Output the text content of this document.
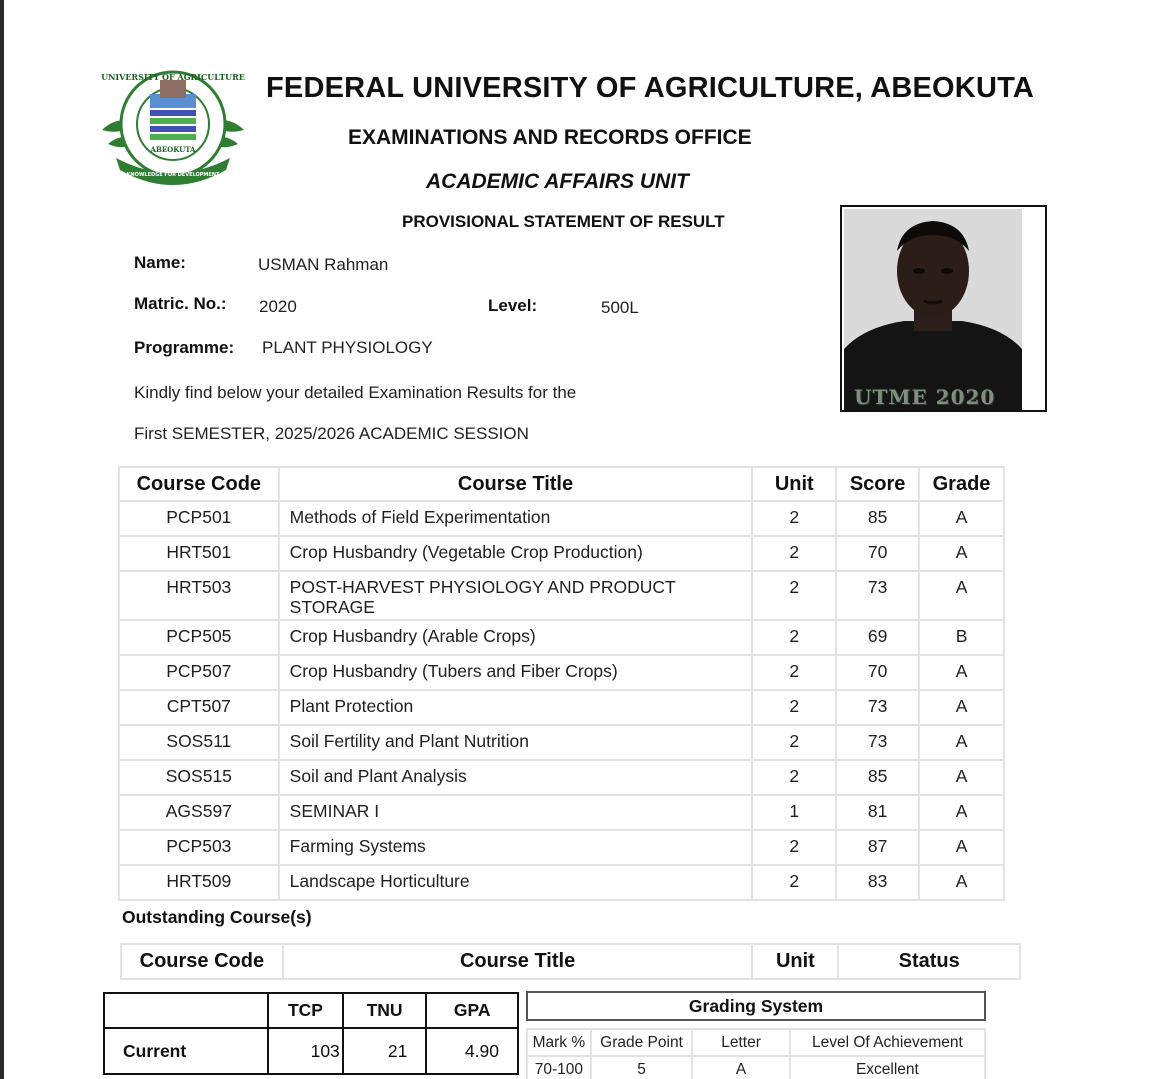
UNIVERSITY OF AGRICULTURE
ABEOKUTA
KNOWLEDGE FOR DEVELOPMENT
FEDERAL UNIVERSITY OF AGRICULTURE, ABEOKUTA
EXAMINATIONS AND RECORDS OFFICE
ACADEMIC AFFAIRS UNIT
PROVISIONAL STATEMENT OF RESULT
UTME 2020
Name:	USMAN Rahman
Matric. No.: 2020	Level:	500L
Programme: PLANT PHYSIOLOGY
Kindly find below your detailed Examination Results for the
First SEMESTER, 2025/2026 ACADEMIC SESSION
Course Code	Course Title	Unit	Score	Grade
PCP501	Methods of Field Experimentation	2	85	A
HRT501	Crop Husbandry (Vegetable Crop Production)	2	70	A
HRT503	POST-HARVEST PHYSIOLOGY AND PRODUCT STORAGE	2	73	A
PCP505	Crop Husbandry (Arable Crops)	2	69	B
PCP507	Crop Husbandry (Tubers and Fiber Crops)	2	70	A
CPT507	Plant Protection	2	73	A
SOS511	Soil Fertility and Plant Nutrition	2	73	A
SOS515	Soil and Plant Analysis	2	85	A
AGS597	SEMINAR I	1	81	A
PCP503	Farming Systems	2	87	A
HRT509	Landscape Horticulture	2	83	A
Outstanding Course(s)
Course Code	Course Title	Unit	Status
	TCP	TNU	GPA
Current	103	21	4.90
Grading System
Mark %	Grade Point	Letter	Level Of Achievement
70-100	5	A	Excellent
